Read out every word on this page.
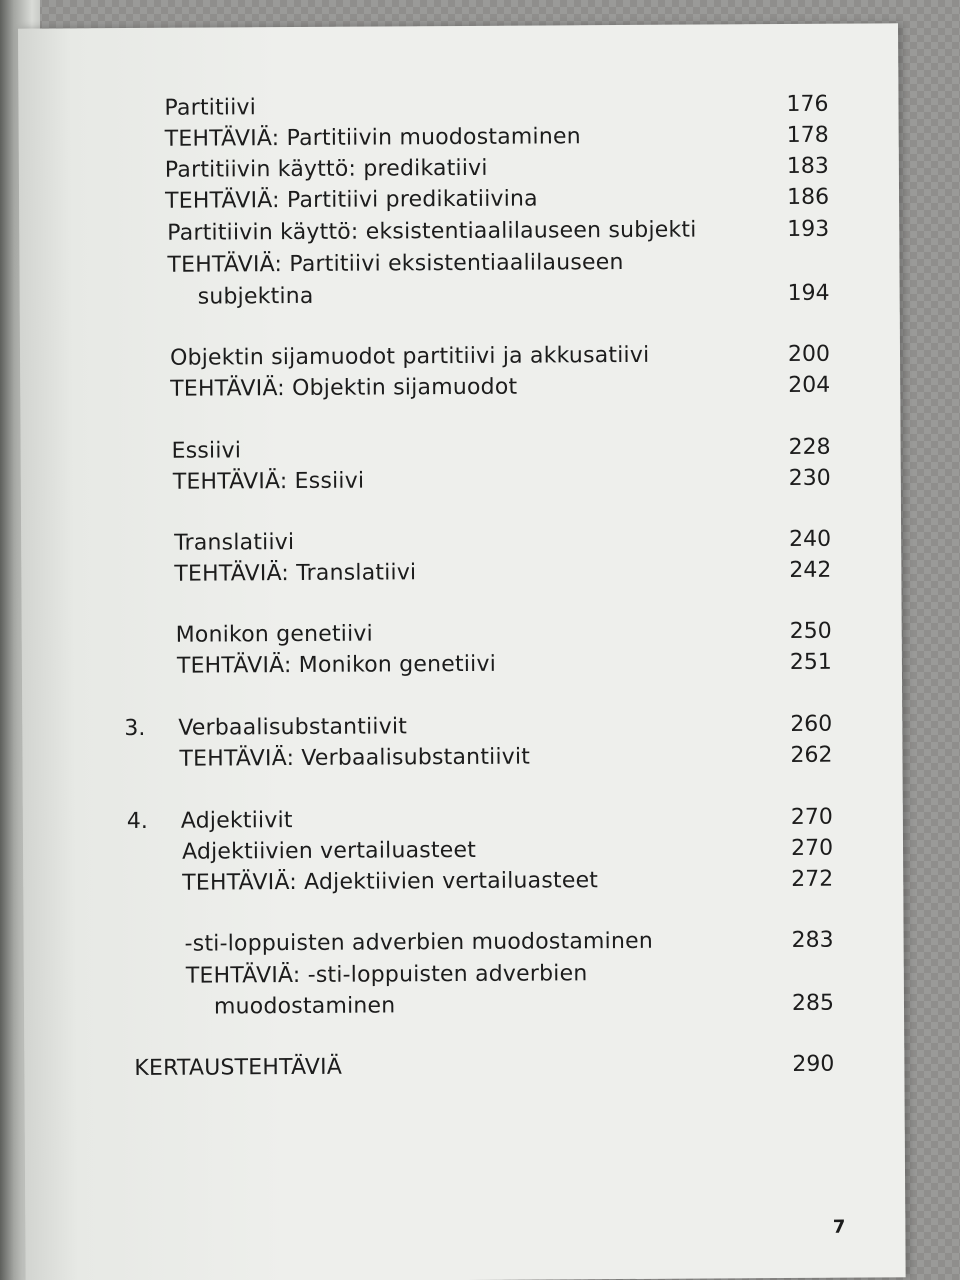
Partitiivi	176
TEHTÄVIÄ: Partitiivin muodostaminen	178
Partitiivin käyttö: predikatiivi	183
TEHTÄVIÄ: Partitiivi predikatiivina	186
Partitiivin käyttö: eksistentiaalilauseen subjekti	193
TEHTÄVIÄ: Partitiivi eksistentiaalilauseen
subjektina	194
Objektin sijamuodot partitiivi ja akkusatiivi	200
TEHTÄVIÄ: Objektin sijamuodot	204
Essiivi	228
TEHTÄVIÄ: Essiivi	230
Translatiivi	240
TEHTÄVIÄ: Translatiivi	242
Monikon genetiivi	250
TEHTÄVIÄ: Monikon genetiivi	251
3. Verbaalisubstantiivit	260
TEHTÄVIÄ: Verbaalisubstantiivit	262
4. Adjektiivit	270
Adjektiivien vertailuasteet	270
TEHTÄVIÄ: Adjektiivien vertailuasteet	272
-sti-loppuisten adverbien muodostaminen	283
TEHTÄVIÄ: -sti-loppuisten adverbien
muodostaminen	285
KERTAUSTEHTÄVIÄ	290
7
